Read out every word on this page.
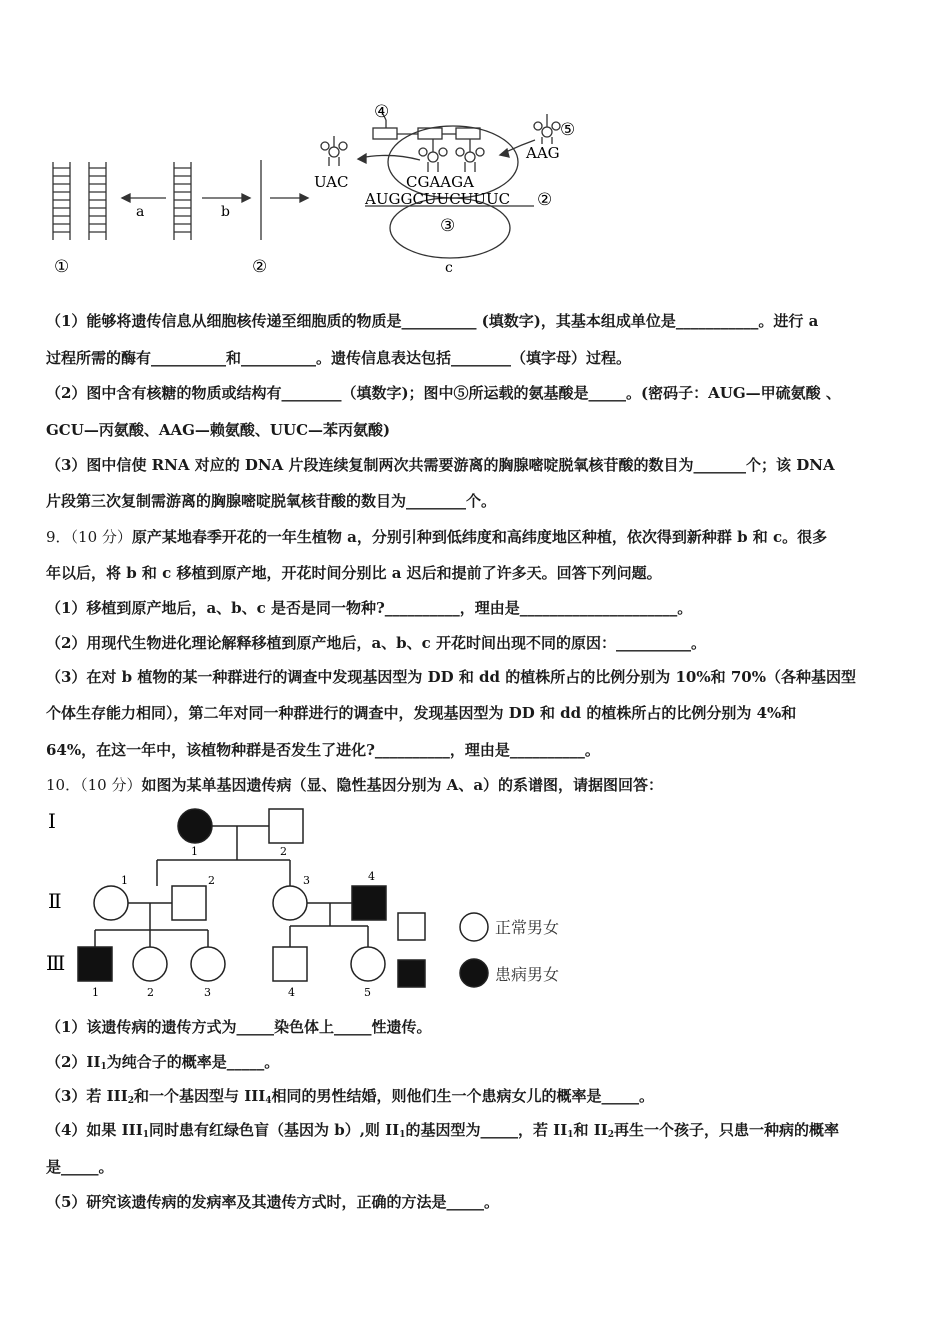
①	②
a	b
c
UAC
AAG
CGAAGA
AUGGCUUCUUUC ②
③
④
⑤
（1）能够将遗传信息从细胞核传递至细胞质的物质是__________ (填数字)，其基本组成单位是___________。进行 a
过程所需的酶有__________和__________。遗传信息表达包括________（填字母）过程。
（2）图中含有核糖的物质或结构有________（填数字)；图中⑤所运载的氨基酸是_____。(密码子：AUG—甲硫氨酸 、
GCU—丙氨酸、AAG—赖氨酸、UUC—苯丙氨酸)
（3）图中信使 RNA 对应的 DNA 片段连续复制两次共需要游离的胸腺嘧啶脱氧核苷酸的数目为_______个；该 DNA
片段第三次复制需游离的胸腺嘧啶脱氧核苷酸的数目为________个。
9．（10 分）原产某地春季开花的一年生植物 a，分别引种到低纬度和高纬度地区种植，依次得到新种群 b 和 c。很多
年以后，将 b 和 c 移植到原产地，开花时间分别比 a 迟后和提前了许多天。回答下列问题。
（1）移植到原产地后，a、b、c 是否是同一物种?__________，理由是_____________________。
（2）用现代生物进化理论解释移植到原产地后，a、b、c 开花时间出现不同的原因：__________。
（3）在对 b 植物的某一种群进行的调查中发现基因型为 DD 和 dd 的植株所占的比例分别为 10%和 70%（各种基因型
个体生存能力相同），第二年对同一种群进行的调查中，发现基因型为 DD 和 dd 的植株所占的比例分别为 4%和
64%，在这一年中，该植物种群是否发生了进化?__________，理由是__________。
10．（10 分）如图为某单基因遗传病（显、隐性基因分别为 A、a）的系谱图，请据图回答：
Ⅰ
Ⅱ
Ⅲ
1	2
1	2	3	4
1	2	3	4	5
正常男女
患病男女
（1）该遗传病的遗传方式为_____染色体上_____性遗传。
$(2)II_1$为纯合子的概率是_____。
（3）若 $III_2$和一个基因型与 $III_4$相同的男性结婚，则他们生一个患病女儿的概率是_____。
（4）如果 $III_1$同时患有红绿色盲（基因为 b）,则 $II_1$的基因型为_____，若 $II_1$和 $II_2$再生一个孩子，只患一种病的概率
是_____。
（5）研究该遗传病的发病率及其遗传方式时，正确的方法是_____。
